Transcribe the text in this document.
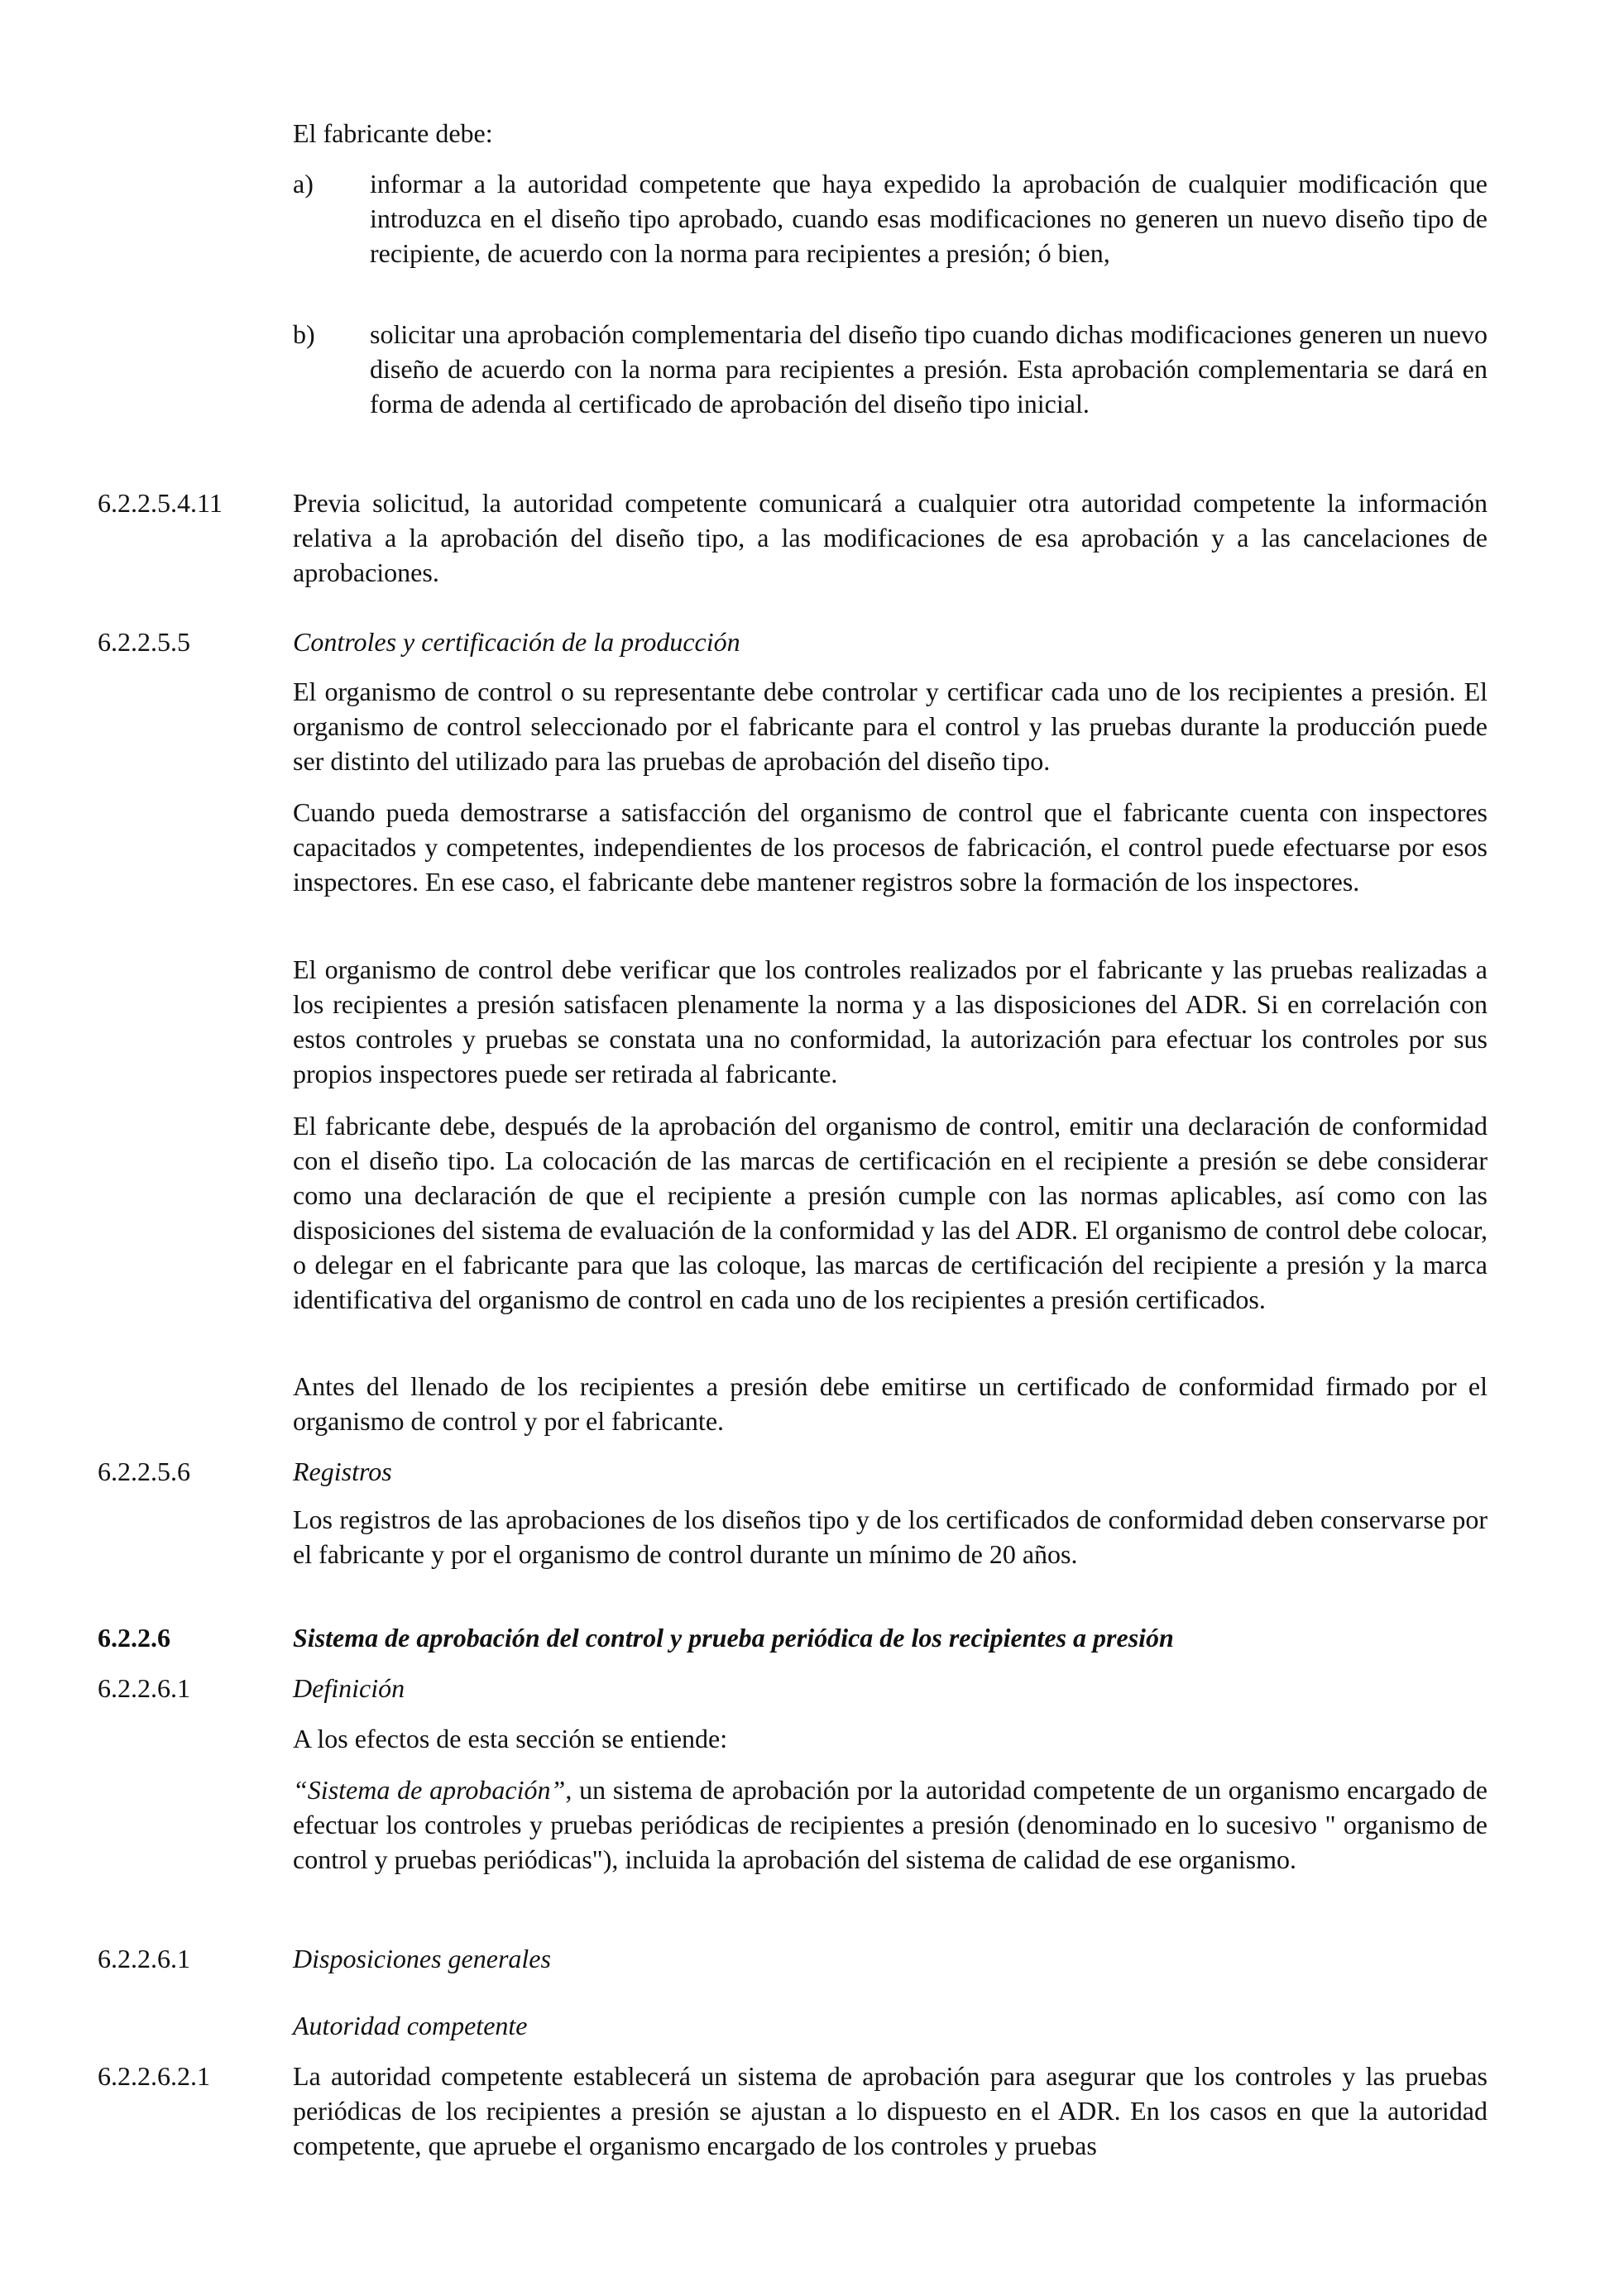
El fabricante debe:

a) informar a la autoridad competente que haya expedido la aprobación de cualquier modificación que introduzca en el diseño tipo aprobado, cuando esas modificaciones no generen un nuevo diseño tipo de recipiente, de acuerdo con la norma para recipientes a presión; ó bien,

b) solicitar una aprobación complementaria del diseño tipo cuando dichas modificaciones generen un nuevo diseño de acuerdo con la norma para recipientes a presión. Esta aprobación complementaria se dará en forma de adenda al certificado de aprobación del diseño tipo inicial.

6.2.2.5.4.11	Previa solicitud, la autoridad competente comunicará a cualquier otra autoridad competente la información relativa a la aprobación del diseño tipo, a las modificaciones de esa aprobación y a las cancelaciones de aprobaciones.

6.2.2.5.5	Controles y certificación de la producción

El organismo de control o su representante debe controlar y certificar cada uno de los recipientes a presión. El organismo de control seleccionado por el fabricante para el control y las pruebas durante la producción puede ser distinto del utilizado para las pruebas de aprobación del diseño tipo.

Cuando pueda demostrarse a satisfacción del organismo de control que el fabricante cuenta con inspectores capacitados y competentes, independientes de los procesos de fabricación, el control puede efectuarse por esos inspectores. En ese caso, el fabricante debe mantener registros sobre la formación de los inspectores.

El organismo de control debe verificar que los controles realizados por el fabricante y las pruebas realizadas a los recipientes a presión satisfacen plenamente la norma y a las disposiciones del ADR. Si en correlación con estos controles y pruebas se constata una no conformidad, la autorización para efectuar los controles por sus propios inspectores puede ser retirada al fabricante.

El fabricante debe, después de la aprobación del organismo de control, emitir una declaración de conformidad con el diseño tipo. La colocación de las marcas de certificación en el recipiente a presión se debe considerar como una declaración de que el recipiente a presión cumple con las normas aplicables, así como con las disposiciones del sistema de evaluación de la conformidad y las del ADR. El organismo de control debe colocar, o delegar en el fabricante para que las coloque, las marcas de certificación del recipiente a presión y la marca identificativa del organismo de control en cada uno de los recipientes a presión certificados.

Antes del llenado de los recipientes a presión debe emitirse un certificado de conformidad firmado por el organismo de control y por el fabricante.

6.2.2.5.6	Registros

Los registros de las aprobaciones de los diseños tipo y de los certificados de conformidad deben conservarse por el fabricante y por el organismo de control durante un mínimo de 20 años.

6.2.2.6	Sistema de aprobación del control y prueba periódica de los recipientes a presión

6.2.2.6.1	Definición

A los efectos de esta sección se entiende:

“Sistema de aprobación”, un sistema de aprobación por la autoridad competente de un organismo encargado de efectuar los controles y pruebas periódicas de recipientes a presión (denominado en lo sucesivo " organismo de control y pruebas periódicas"), incluida la aprobación del sistema de calidad de ese organismo.

6.2.2.6.1	Disposiciones generales

Autoridad competente

6.2.2.6.2.1	La autoridad competente establecerá un sistema de aprobación para asegurar que los controles y las pruebas periódicas de los recipientes a presión se ajustan a lo dispuesto en el ADR. En los casos en que la autoridad competente, que apruebe el organismo encargado de los controles y pruebas
